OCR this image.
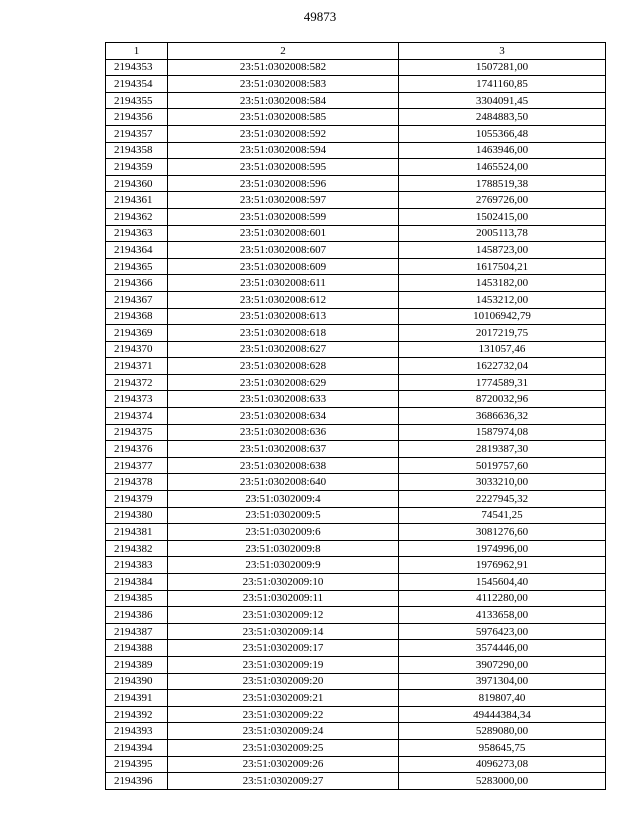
49873
1	2	3
2194353	23:51:0302008:582	1507281,00
2194354	23:51:0302008:583	1741160,85
2194355	23:51:0302008:584	3304091,45
2194356	23:51:0302008:585	2484883,50
2194357	23:51:0302008:592	1055366,48
2194358	23:51:0302008:594	1463946,00
2194359	23:51:0302008:595	1465524,00
2194360	23:51:0302008:596	1788519,38
2194361	23:51:0302008:597	2769726,00
2194362	23:51:0302008:599	1502415,00
2194363	23:51:0302008:601	2005113,78
2194364	23:51:0302008:607	1458723,00
2194365	23:51:0302008:609	1617504,21
2194366	23:51:0302008:611	1453182,00
2194367	23:51:0302008:612	1453212,00
2194368	23:51:0302008:613	10106942,79
2194369	23:51:0302008:618	2017219,75
2194370	23:51:0302008:627	131057,46
2194371	23:51:0302008:628	1622732,04
2194372	23:51:0302008:629	1774589,31
2194373	23:51:0302008:633	8720032,96
2194374	23:51:0302008:634	3686636,32
2194375	23:51:0302008:636	1587974,08
2194376	23:51:0302008:637	2819387,30
2194377	23:51:0302008:638	5019757,60
2194378	23:51:0302008:640	3033210,00
2194379	23:51:0302009:4	2227945,32
2194380	23:51:0302009:5	74541,25
2194381	23:51:0302009:6	3081276,60
2194382	23:51:0302009:8	1974996,00
2194383	23:51:0302009:9	1976962,91
2194384	23:51:0302009:10	1545604,40
2194385	23:51:0302009:11	4112280,00
2194386	23:51:0302009:12	4133658,00
2194387	23:51:0302009:14	5976423,00
2194388	23:51:0302009:17	3574446,00
2194389	23:51:0302009:19	3907290,00
2194390	23:51:0302009:20	3971304,00
2194391	23:51:0302009:21	819807,40
2194392	23:51:0302009:22	49444384,34
2194393	23:51:0302009:24	5289080,00
2194394	23:51:0302009:25	958645,75
2194395	23:51:0302009:26	4096273,08
2194396	23:51:0302009:27	5283000,00
